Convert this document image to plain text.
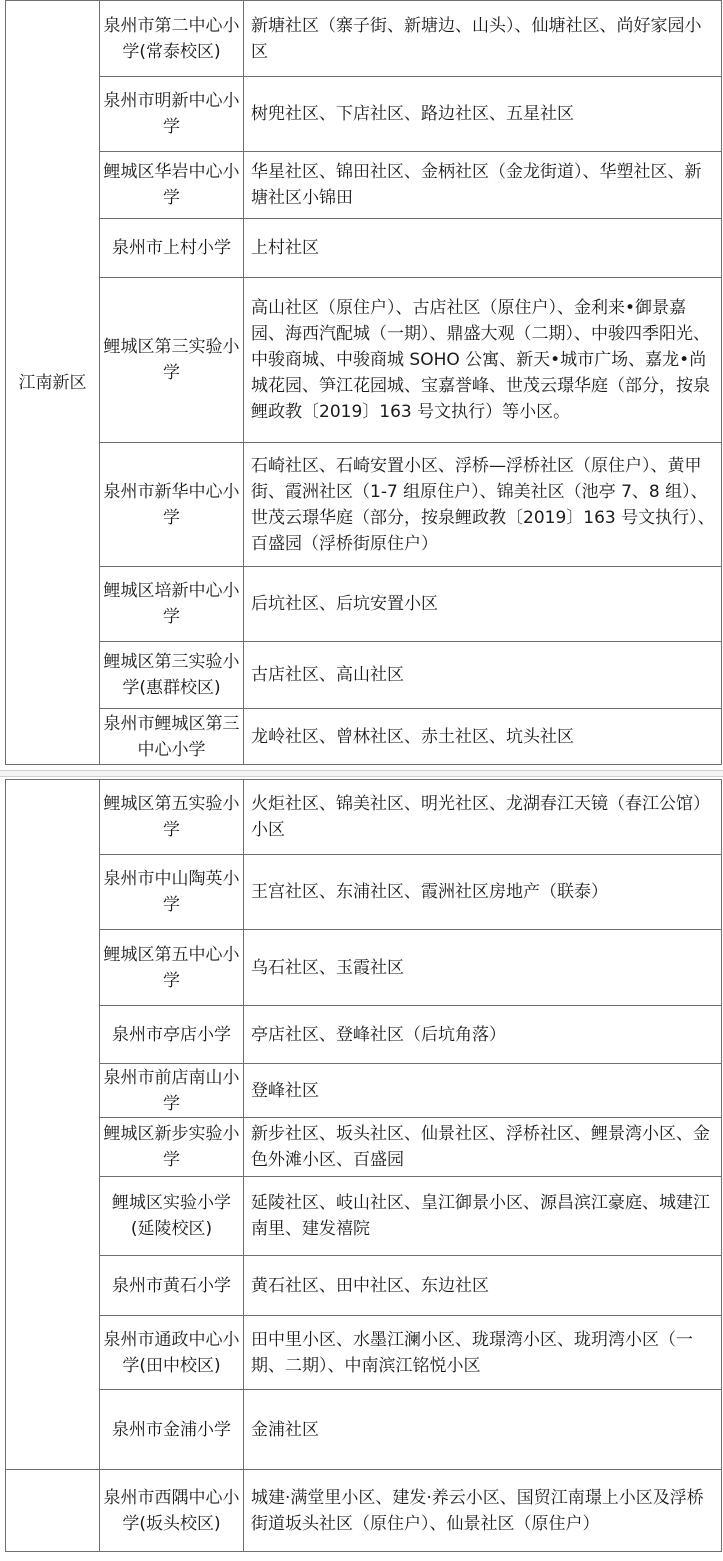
江南新区	泉州市第二中心小学(常泰校区)	新塘社区（寨子街、新塘边、山头）、仙塘社区、尚好家园小区

	泉州市明新中心小学	树兜社区、下店社区、路边社区、五星社区

	鲤城区华岩中心小学	华星社区、锦田社区、金柄社区（金龙街道）、华塑社区、新塘社区小锦田

	泉州市上村小学	上村社区

	鲤城区第三实验小学	高山社区（原住户）、古店社区（原住户）、金利来•御景嘉园、海西汽配城（一期）、鼎盛大观（二期）、中骏四季阳光、中骏商城、中骏商城 SOHO 公寓、新天•城市广场、嘉龙•尚城花园、笋江花园城、宝嘉誉峰、世茂云璟华庭（部分，按泉鲤政教〔2019〕163 号文执行）等小区。

	泉州市新华中心小学	石崎社区、石崎安置小区、浮桥—浮桥社区（原住户）、黄甲街、霞洲社区（1-7 组原住户）、锦美社区（池亭 7、8 组）、世茂云璟华庭（部分，按泉鲤政教〔2019〕163 号文执行）、百盛园（浮桥街原住户）

	鲤城区培新中心小学	后坑社区、后坑安置小区

	鲤城区第三实验小学(惠群校区)	古店社区、高山社区

	泉州市鲤城区第三中心小学	龙岭社区、曾林社区、赤土社区、坑头社区

	鲤城区第五实验小学	火炬社区、锦美社区、明光社区、龙湖春江天镜（春江公馆）小区

	泉州市中山陶英小学	王宫社区、东浦社区、霞洲社区房地产（联泰）

	鲤城区第五中心小学	乌石社区、玉霞社区

	泉州市亭店小学	亭店社区、登峰社区（后坑角落）

	泉州市前店南山小学	登峰社区

	鲤城区新步实验小学	新步社区、坂头社区、仙景社区、浮桥社区、鲤景湾小区、金色外滩小区、百盛园

	鲤城区实验小学(延陵校区)	延陵社区、岐山社区、皇江御景小区、源昌滨江豪庭、城建江南里、建发禧院

	泉州市黄石小学	黄石社区、田中社区、东边社区

	泉州市通政中心小学(田中校区)	田中里小区、水墨江澜小区、珑璟湾小区、珑玥湾小区（一期、二期）、中南滨江铭悦小区

	泉州市金浦小学	金浦社区

	泉州市西隅中心小学(坂头校区)	城建·满堂里小区、建发·养云小区、国贸江南璟上小区及浮桥街道坂头社区（原住户）、仙景社区（原住户）
